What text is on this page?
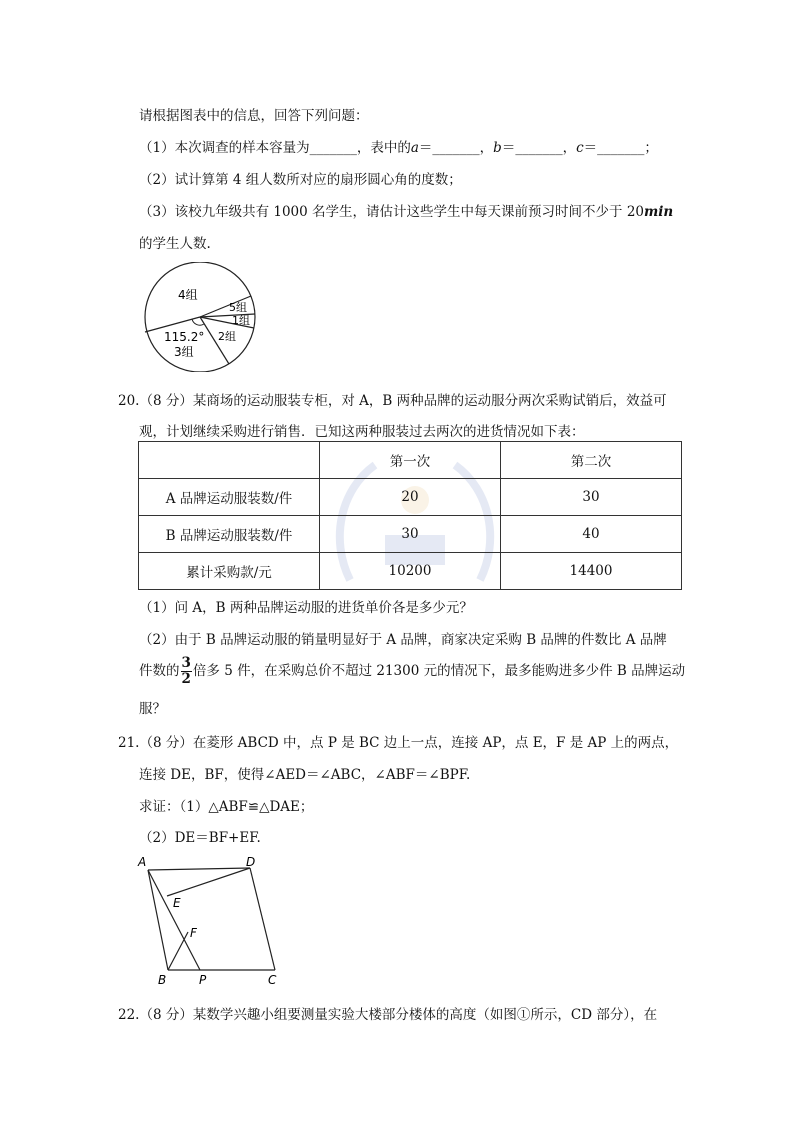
请根据图表中的信息，回答下列问题：
（1）本次调查的样本容量为_______，表中的a＝_______，b＝_______，c＝_______；
（2）试计算第 4 组人数所对应的扇形圆心角的度数；
（3）该校九年级共有 1000 名学生，请估计这些学生中每天课前预习时间不少于 20min
的学生人数.
4组
5组
1组
2组
115.2°
3组
20.（8 分）某商场的运动服装专柜，对 A，B 两种品牌的运动服分两次采购试销后，效益可
观，计划继续采购进行销售．已知这两种服装过去两次的进货情况如下表：
	第一次	第二次
A 品牌运动服装数/件	20	30
B 品牌运动服装数/件	30	40
累计采购款/元	10200	14400
（1）问 A，B 两种品牌运动服的进货单价各是多少元？
（2）由于 B 品牌运动服的销量明显好于 A 品牌，商家决定采购 B 品牌的件数比 A 品牌
件数的 $\frac{3}{2}$ 倍多 5 件，在采购总价不超过 21300 元的情况下，最多能购进多少件 B 品牌运动
服？
21.（8 分）在菱形 ABCD 中，点 P 是 BC 边上一点，连接 AP，点 E，F 是 AP 上的两点，
连接 DE，BF，使得∠AED＝∠ABC，∠ABF＝∠BPF.
求证：（1）△ABF≌△DAE；
（2）DE＝BF+EF.
A	D
E
F
B	P	C
22.（8 分）某数学兴趣小组要测量实验大楼部分楼体的高度（如图①所示，CD 部分），在
